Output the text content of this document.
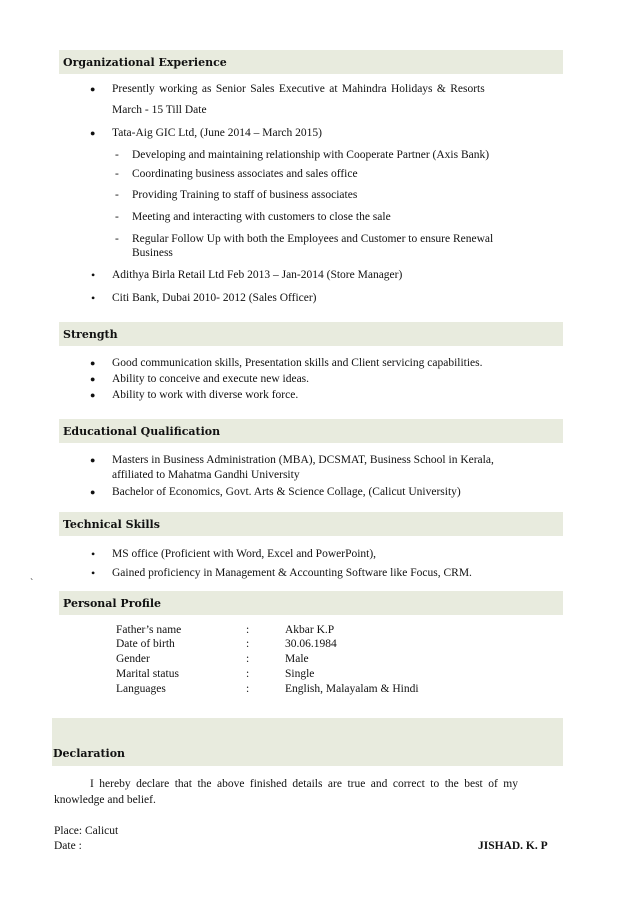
Organizational Experience
● Presently working as Senior Sales Executive at Mahindra Holidays & Resorts
March - 15 Till Date
● Tata-Aig GIC Ltd, (June 2014 – March 2015)
- Developing and maintaining relationship with Cooperate Partner (Axis Bank)
- Coordinating business associates and sales office
- Providing Training to staff of business associates
- Meeting and interacting with customers to close the sale
- Regular Follow Up with both the Employees and Customer to ensure Renewal
Business
• Adithya Birla Retail Ltd Feb 2013 – Jan-2014 (Store Manager)
• Citi Bank, Dubai 2010- 2012 (Sales Officer)
Strength
● Good communication skills, Presentation skills and Client servicing capabilities.
● Ability to conceive and execute new ideas.
● Ability to work with diverse work force.
Educational Qualification
● Masters in Business Administration (MBA), DCSMAT, Business School in Kerala,
affiliated to Mahatma Gandhi University
● Bachelor of Economics, Govt. Arts & Science Collage, (Calicut University)
Technical Skills
• MS office (Proficient with Word, Excel and PowerPoint),
• Gained proficiency in Management & Accounting Software like Focus, CRM.
`
Personal Profile
Father’s name	:	Akbar K.P
Date of birth	:	30.06.1984
Gender	:	Male
Marital status	:	Single
Languages	:	English, Malayalam & Hindi
Declaration
I hereby declare that the above finished details are true and correct to the best of my
knowledge and belief.
Place: Calicut
Date :	JISHAD. K. P
